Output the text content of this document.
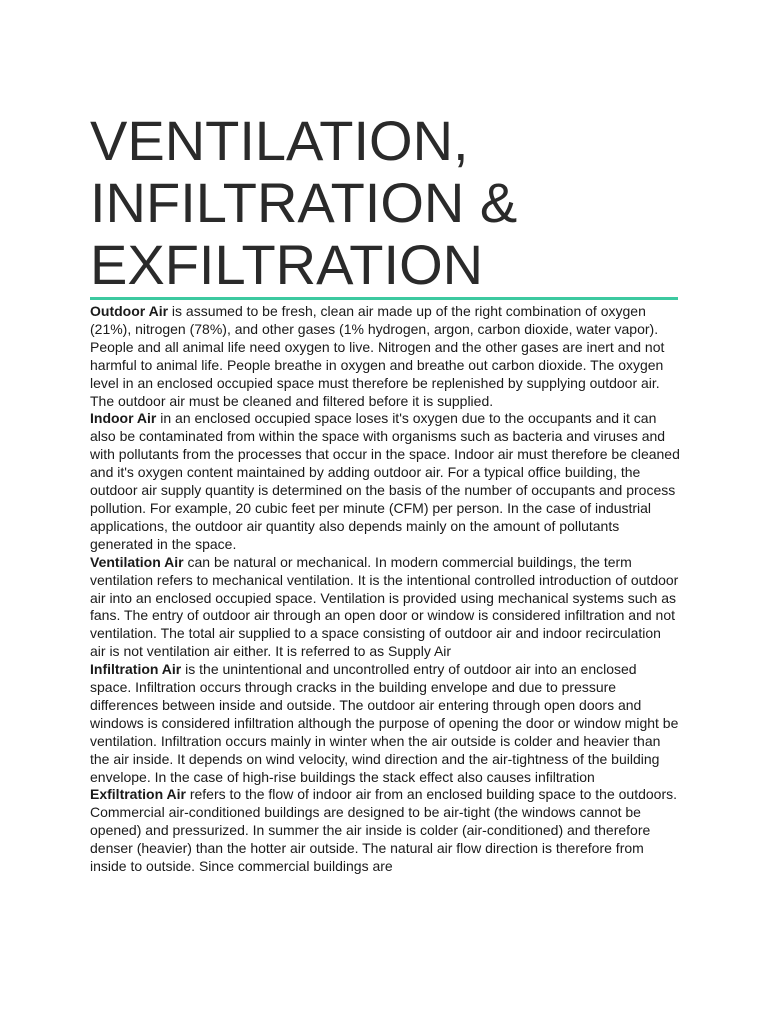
VENTILATION,
INFILTRATION &
EXFILTRATION

Outdoor Air is assumed to be fresh, clean air made up of the right combination of oxygen (21%), nitrogen (78%), and other gases (1% hydrogen, argon, carbon dioxide, water vapor). People and all animal life need oxygen to live. Nitrogen and the other gases are inert and not harmful to animal life. People breathe in oxygen and breathe out carbon dioxide. The oxygen level in an enclosed occupied space must therefore be replenished by supplying outdoor air. The outdoor air must be cleaned and filtered before it is supplied.

Indoor Air in an enclosed occupied space loses it's oxygen due to the occupants and it can also be contaminated from within the space with organisms such as bacteria and viruses and with pollutants from the processes that occur in the space. Indoor air must therefore be cleaned and it's oxygen content maintained by adding outdoor air. For a typical office building, the outdoor air supply quantity is determined on the basis of the number of occupants and process pollution. For example, 20 cubic feet per minute (CFM) per person. In the case of industrial applications, the outdoor air quantity also depends mainly on the amount of pollutants generated in the space.

Ventilation Air can be natural or mechanical. In modern commercial buildings, the term ventilation refers to mechanical ventilation. It is the intentional controlled introduction of outdoor air into an enclosed occupied space. Ventilation is provided using mechanical systems such as fans. The entry of outdoor air through an open door or window is considered infiltration and not ventilation. The total air supplied to a space consisting of outdoor air and indoor recirculation air is not ventilation air either. It is referred to as Supply Air

Infiltration Air is the unintentional and uncontrolled entry of outdoor air into an enclosed space. Infiltration occurs through cracks in the building envelope and due to pressure differences between inside and outside. The outdoor air entering through open doors and windows is considered infiltration although the purpose of opening the door or window might be ventilation. Infiltration occurs mainly in winter when the air outside is colder and heavier than the air inside. It depends on wind velocity, wind direction and the air-tightness of the building envelope. In the case of high-rise buildings the stack effect also causes infiltration

Exfiltration Air refers to the flow of indoor air from an enclosed building space to the outdoors. Commercial air-conditioned buildings are designed to be air-tight (the windows cannot be opened) and pressurized. In summer the air inside is colder (air-conditioned) and therefore denser (heavier) than the hotter air outside. The natural air flow direction is therefore from inside to outside. Since commercial buildings are
